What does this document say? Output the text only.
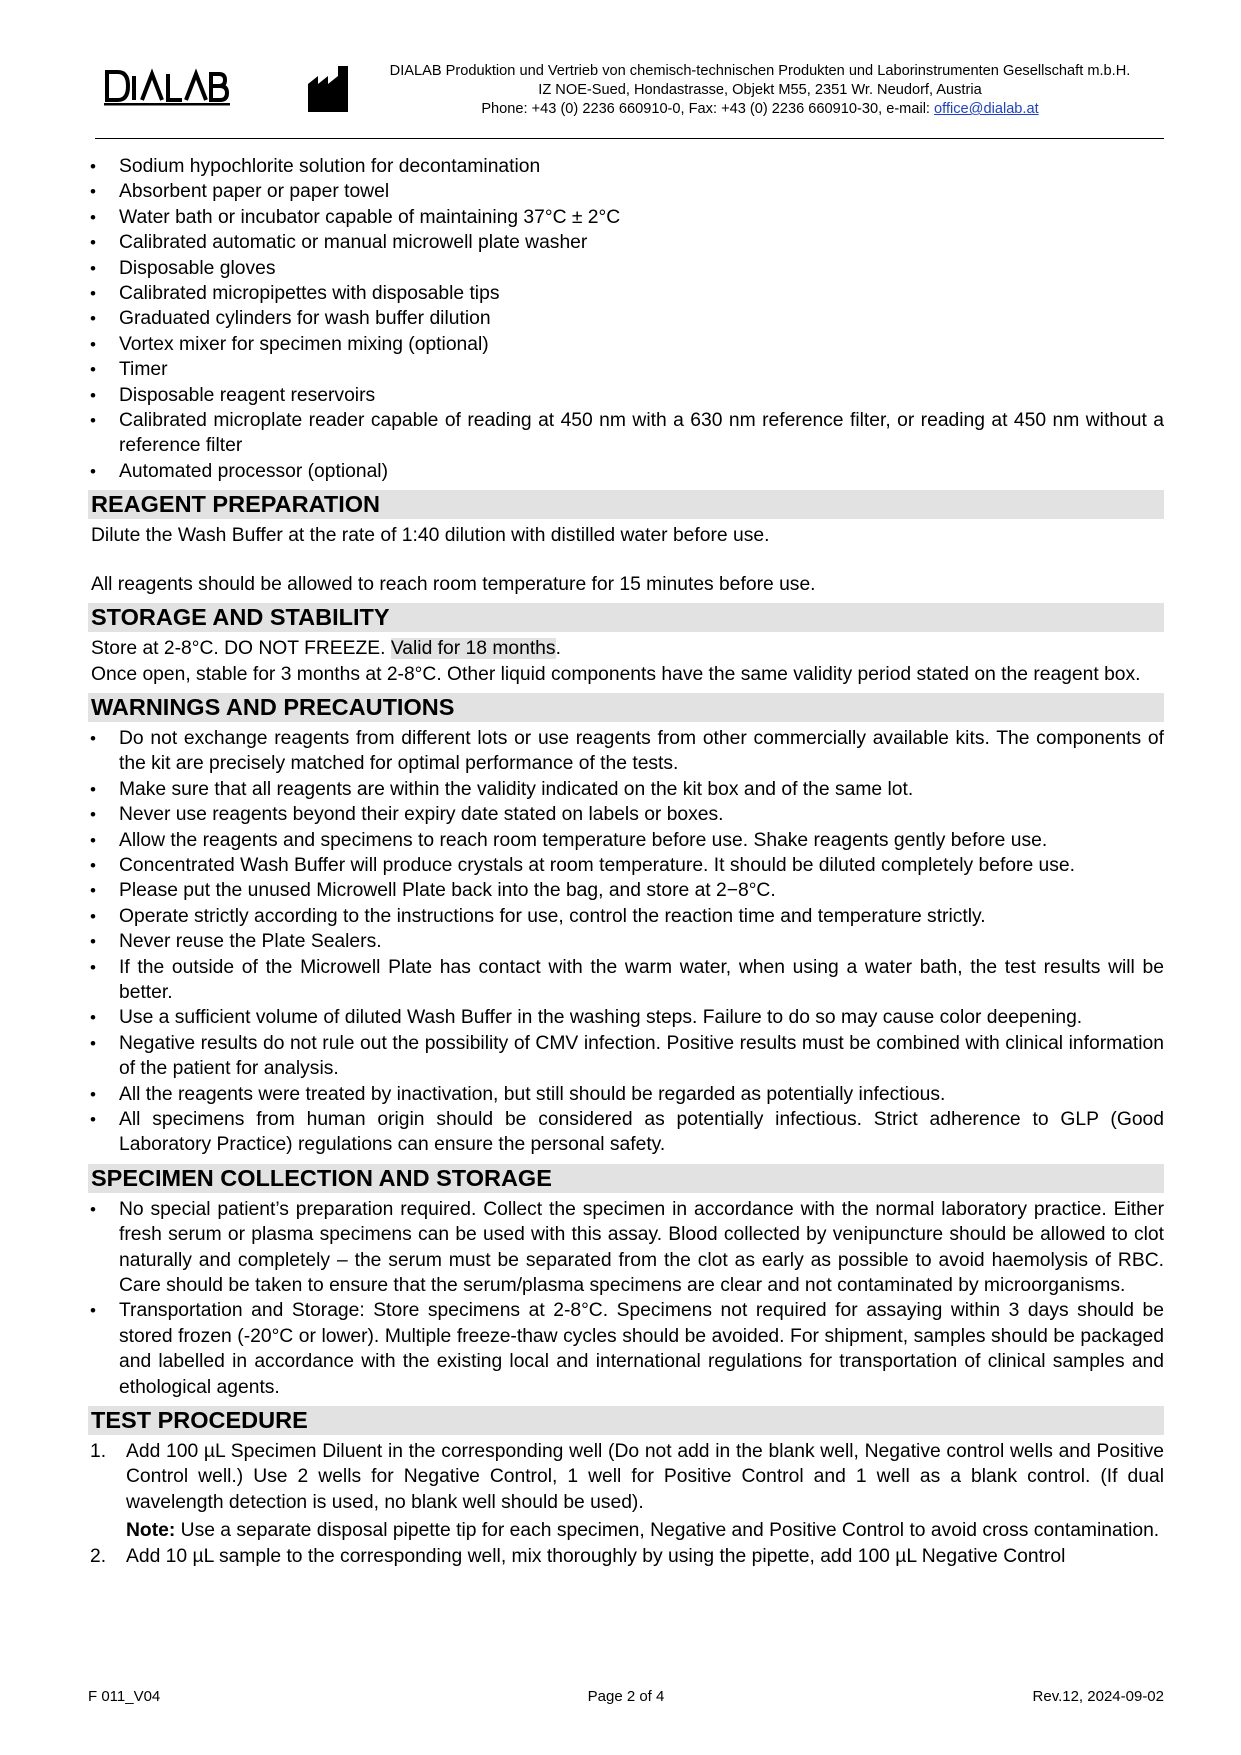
DIALAB
DIALAB Produktion und Vertrieb von chemisch-technischen Produkten und Laborinstrumenten Gesellschaft m.b.H.
IZ NOE-Sued, Hondastrasse, Objekt M55, 2351 Wr. Neudorf, Austria
Phone: +43 (0) 2236 660910-0, Fax: +43 (0) 2236 660910-30, e-mail: office@dialab.at
• Sodium hypochlorite solution for decontamination
• Absorbent paper or paper towel
• Water bath or incubator capable of maintaining 37°C ± 2°C
• Calibrated automatic or manual microwell plate washer
• Disposable gloves
• Calibrated micropipettes with disposable tips
• Graduated cylinders for wash buffer dilution
• Vortex mixer for specimen mixing (optional)
• Timer
• Disposable reagent reservoirs
• Calibrated microplate reader capable of reading at 450 nm with a 630 nm reference filter, or reading at 450 nm without a reference filter
• Automated processor (optional)
REAGENT PREPARATION

Dilute the Wash Buffer at the rate of 1:40 dilution with distilled water before use.

All reagents should be allowed to reach room temperature for 15 minutes before use.

STORAGE AND STABILITY

Store at 2-8°C. DO NOT FREEZE. Valid for 18 months.

Once open, stable for 3 months at 2-8°C. Other liquid components have the same validity period stated on the reagent box.

WARNINGS AND PRECAUTIONS
• Do not exchange reagents from different lots or use reagents from other commercially available kits. The components of the kit are precisely matched for optimal performance of the tests.
• Make sure that all reagents are within the validity indicated on the kit box and of the same lot.
• Never use reagents beyond their expiry date stated on labels or boxes.
• Allow the reagents and specimens to reach room temperature before use. Shake reagents gently before use.
• Concentrated Wash Buffer will produce crystals at room temperature. It should be diluted completely before use.
• Please put the unused Microwell Plate back into the bag, and store at 2−8°C.
• Operate strictly according to the instructions for use, control the reaction time and temperature strictly.
• Never reuse the Plate Sealers.
• If the outside of the Microwell Plate has contact with the warm water, when using a water bath, the test results will be better.
• Use a sufficient volume of diluted Wash Buffer in the washing steps. Failure to do so may cause color deepening.
• Negative results do not rule out the possibility of CMV infection. Positive results must be combined with clinical information of the patient for analysis.
• All the reagents were treated by inactivation, but still should be regarded as potentially infectious.
• All specimens from human origin should be considered as potentially infectious. Strict adherence to GLP (Good Laboratory Practice) regulations can ensure the personal safety.
SPECIMEN COLLECTION AND STORAGE
• No special patient’s preparation required. Collect the specimen in accordance with the normal laboratory practice. Either fresh serum or plasma specimens can be used with this assay. Blood collected by venipuncture should be allowed to clot naturally and completely – the serum must be separated from the clot as early as possible to avoid haemolysis of RBC. Care should be taken to ensure that the serum/plasma specimens are clear and not contaminated by microorganisms.
• Transportation and Storage: Store specimens at 2-8°C. Specimens not required for assaying within 3 days should be stored frozen (-20°C or lower). Multiple freeze-thaw cycles should be avoided. For shipment, samples should be packaged and labelled in accordance with the existing local and international regulations for transportation of clinical samples and ethological agents.
TEST PROCEDURE
1. Add 100 µL Specimen Diluent in the corresponding well (Do not add in the blank well, Negative control wells and Positive Control well.) Use 2 wells for Negative Control, 1 well for Positive Control and 1 well as a blank control. (If dual wavelength detection is used, no blank well should be used).
Note: Use a separate disposal pipette tip for each specimen, Negative and Positive Control to avoid cross contamination.
2. Add 10 µL sample to the corresponding well, mix thoroughly by using the pipette, add 100 µL Negative Control
F 011_V04	Page 2 of 4	Rev.12, 2024-09-02
